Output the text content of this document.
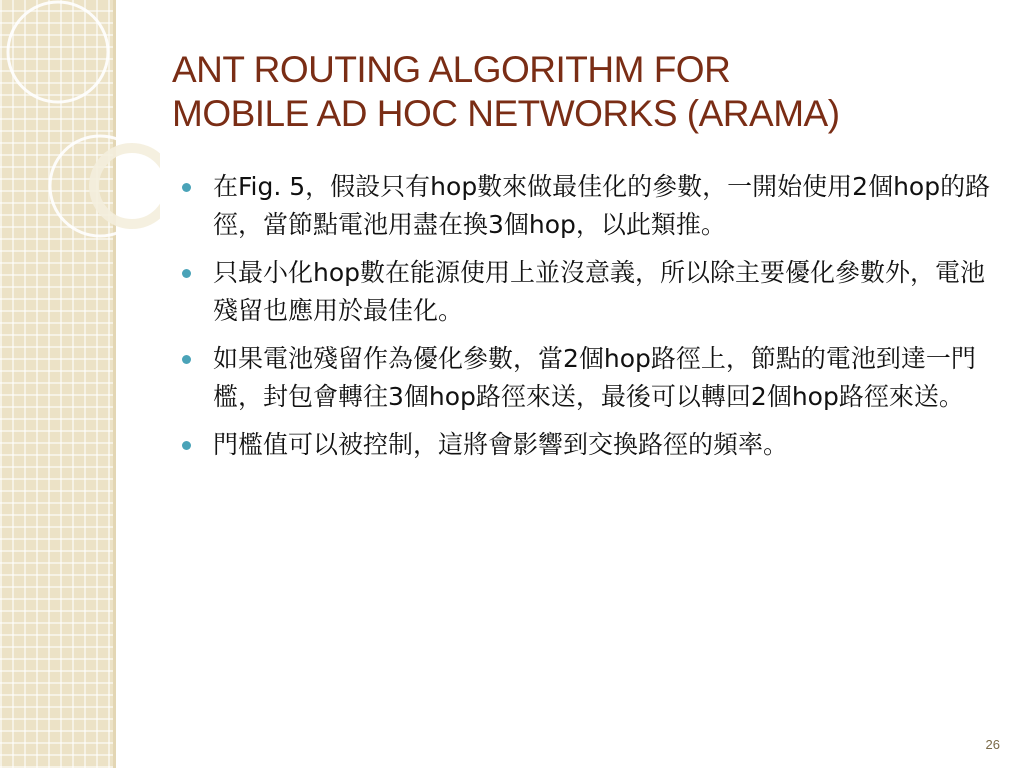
ANT ROUTING ALGORITHM FOR
MOBILE AD HOC NETWORKS (ARAMA)
在Fig. 5，假設只有hop數來做最佳化的參數，一開始使用2個hop的路徑，當節點電池用盡在換3個hop，以此類推。
只最小化hop數在能源使用上並沒意義，所以除主要優化參數外，電池殘留也應用於最佳化。
如果電池殘留作為優化參數，當2個hop路徑上，節點的電池到達一門檻，封包會轉往3個hop路徑來送，最後可以轉回2個hop路徑來送。
門檻值可以被控制，這將會影響到交換路徑的頻率。
26
